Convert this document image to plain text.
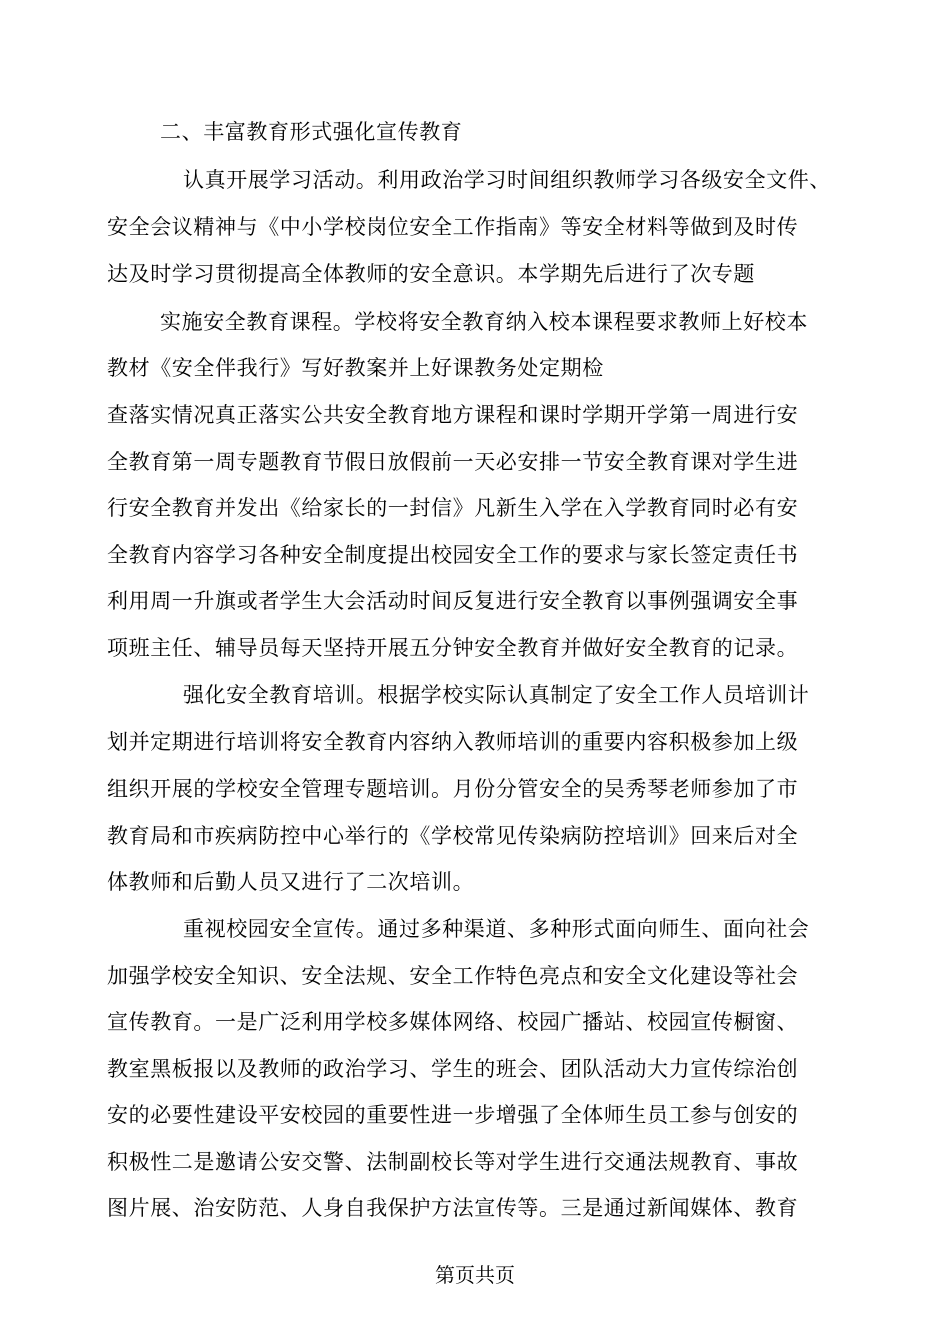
二、丰富教育形式强化宣传教育
认真开展学习活动。利用政治学习时间组织教师学习各级安全文件、
安全会议精神与《中小学校岗位安全工作指南》等安全材料等做到及时传
达及时学习贯彻提高全体教师的安全意识。本学期先后进行了次专题
实施安全教育课程。学校将安全教育纳入校本课程要求教师上好校本
教材《安全伴我行》写好教案并上好课教务处定期检
查落实情况真正落实公共安全教育地方课程和课时学期开学第一周进行安
全教育第一周专题教育节假日放假前一天必安排一节安全教育课对学生进
行安全教育并发出《给家长的一封信》凡新生入学在入学教育同时必有安
全教育内容学习各种安全制度提出校园安全工作的要求与家长签定责任书
利用周一升旗或者学生大会活动时间反复进行安全教育以事例强调安全事
项班主任、辅导员每天坚持开展五分钟安全教育并做好安全教育的记录。
强化安全教育培训。根据学校实际认真制定了安全工作人员培训计
划并定期进行培训将安全教育内容纳入教师培训的重要内容积极参加上级
组织开展的学校安全管理专题培训。月份分管安全的吴秀琴老师参加了市
教育局和市疾病防控中心举行的《学校常见传染病防控培训》回来后对全
体教师和后勤人员又进行了二次培训。
重视校园安全宣传。通过多种渠道、多种形式面向师生、面向社会
加强学校安全知识、安全法规、安全工作特色亮点和安全文化建设等社会
宣传教育。一是广泛利用学校多媒体网络、校园广播站、校园宣传橱窗、
教室黑板报以及教师的政治学习、学生的班会、团队活动大力宣传综治创
安的必要性建设平安校园的重要性进一步增强了全体师生员工参与创安的
积极性二是邀请公安交警、法制副校长等对学生进行交通法规教育、事故
图片展、治安防范、人身自我保护方法宣传等。三是通过新闻媒体、教育
第页共页
